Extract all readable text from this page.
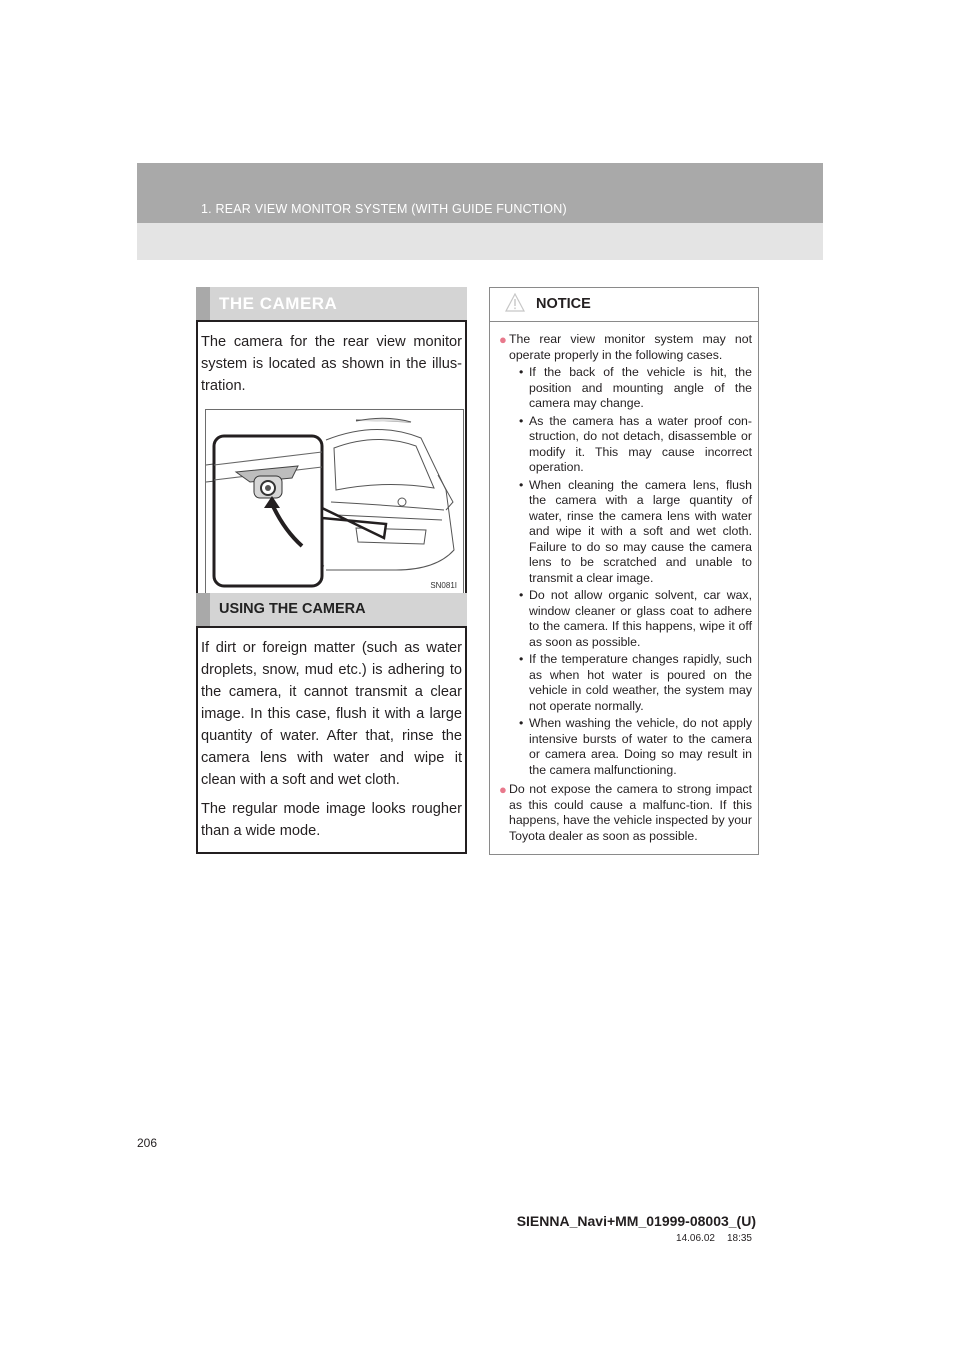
1. REAR VIEW MONITOR SYSTEM (WITH GUIDE FUNCTION)
THE CAMERA

The camera for the rear view monitor system is located as shown in the illus-tration.

SN081I
USING THE CAMERA

If dirt or foreign matter (such as water droplets, snow, mud etc.) is adhering to the camera, it cannot transmit a clear image. In this case, flush it with a large quantity of water. After that, rinse the camera lens with water and wipe it clean with a soft and wet cloth.

The regular mode image looks rougher than a wide mode.

NOTICE
● The rear view monitor system may not operate properly in the following cases.
• If the back of the vehicle is hit, the position and mounting angle of the camera may change.
• As the camera has a water proof con-struction, do not detach, disassemble or modify it. This may cause incorrect operation.
• When cleaning the camera lens, flush the camera with a large quantity of water, rinse the camera lens with water and wipe it with a soft and wet cloth. Failure to do so may cause the camera lens to be scratched and unable to transmit a clear image.
• Do not allow organic solvent, car wax, window cleaner or glass coat to adhere to the camera. If this happens, wipe it off as soon as possible.
• If the temperature changes rapidly, such as when hot water is poured on the vehicle in cold weather, the system may not operate normally.
• When washing the vehicle, do not apply intensive bursts of water to the camera or camera area. Doing so may result in the camera malfunctioning.
● Do not expose the camera to strong impact as this could cause a malfunc-tion. If this happens, have the vehicle inspected by your Toyota dealer as soon as possible.
206
SIENNA_Navi+MM_01999-08003_(U)
14.06.02 18:35
